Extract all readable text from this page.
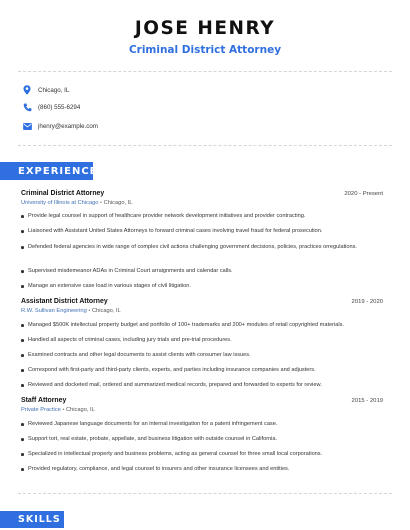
JOSE HENRY
Criminal District Attorney
Chicago, IL
(860) 555-6294
jhenry@example.com
EXPERIENCE
Criminal District Attorney	2020 - Present
University of Illinois at Chicago • Chicago, IL
Provide legal counsel in support of healthcare provider network development initiatives and provider contracting.
Liaisoned with Assistant United States Attorneys to forward criminal cases involving travel fraud for federal prosecution.
Defended federal agencies in wide range of complex civil actions challenging government decisions, policies, practices orregulations.
Supervised misdemeanor ADAs in Criminal Court arraignments and calendar calls.
Manage an extensive case load in various stages of civil litigation.
Assistant District Attorney	2019 - 2020
R.W. Sullivan Engineering • Chicago, IL
Managed $500K intellectual property budget and portfolio of 100+ trademarks and 200+ modules of retail copyrighted materials.
Handled all aspects of criminal cases, including jury trials and pre-trial procedures.
Examined contracts and other legal documents to assist clients with consumer law issues.
Correspond with first-party and third-party clients, experts, and parties including insurance companies and adjusters.
Reviewed and docketed mail, ordered and summarized medical records, prepared and forwarded to experts for review.
Staff Attorney	2015 - 2019
Private Practice • Chicago, IL
Reviewed Japanese language documents for an internal investigation for a patent infringement case.
Support tort, real estate, probate, appellate, and business litigation with outside counsel in California.
Specialized in intellectual property and business problems, acting as general counsel for three small local corporations.
Provided regulatory, compliance, and legal counsel to insurers and other insurance licensees and entities.
SKILLS
